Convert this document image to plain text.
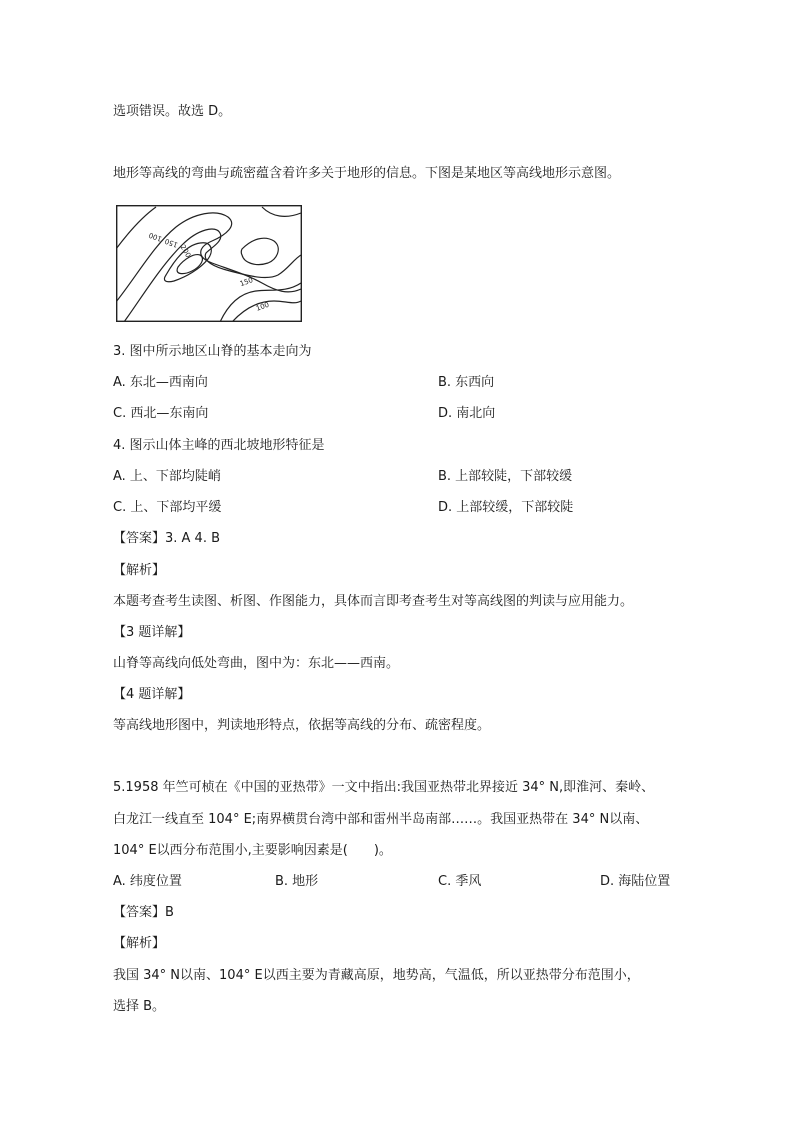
选项错误。故选 D。
地形等高线的弯曲与疏密蕴含着许多关于地形的信息。下图是某地区等高线地形示意图。
100 150
200
150
100
3. 图中所示地区山脊的基本走向为
A. 东北—西南向	B. 东西向
C. 西北—东南向	D. 南北向
4. 图示山体主峰的西北坡地形特征是
A. 上、下部均陡峭	B. 上部较陡，下部较缓
C. 上、下部均平缓	D. 上部较缓，下部较陡
【答案】3. A 4. B
【解析】
本题考查考生读图、析图、作图能力，具体而言即考查考生对等高线图的判读与应用能力。
【3 题详解】
山脊等高线向低处弯曲，图中为：东北——西南。
【4 题详解】
等高线地形图中，判读地形特点，依据等高线的分布、疏密程度。
5.1958 年竺可桢在《中国的亚热带》一文中指出:我国亚热带北界接近 34° N,即淮河、秦岭、
白龙江一线直至 104° E;南界横贯台湾中部和雷州半岛南部……。我国亚热带在 34° N以南、
104° E以西分布范围小,主要影响因素是(　　)。
A. 纬度位置	B. 地形	C. 季风	D. 海陆位置
【答案】B
【解析】
我国 34° N以南、104° E以西主要为青藏高原，地势高，气温低，所以亚热带分布范围小，
选择 B。
